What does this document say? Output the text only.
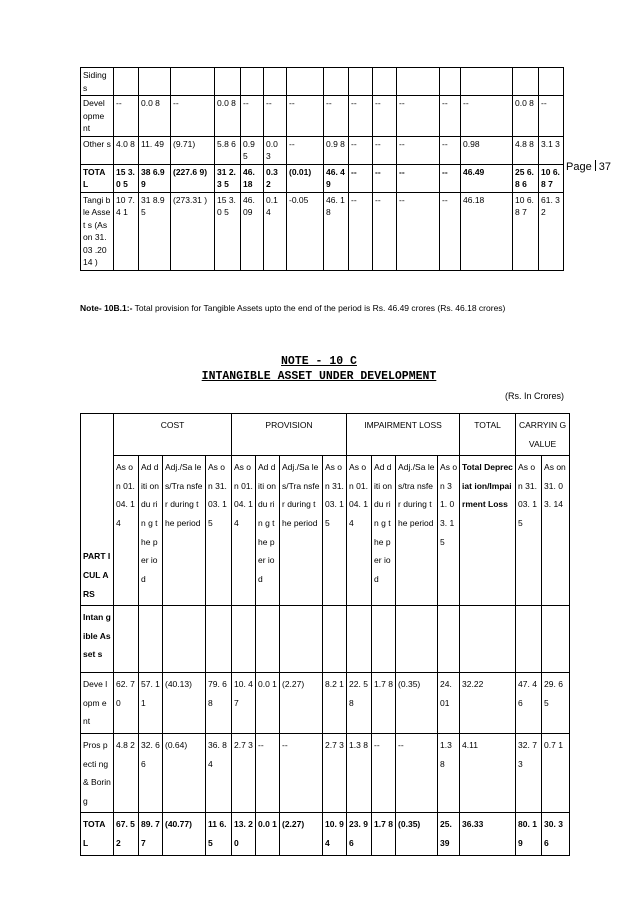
Page 37
Siding s															
Devel opme nt	--	0.0 8	--	0.0 8	--	--	--	--	--	--	--	--	--	0.0 8	--
Other s	4.0 8	11. 49	(9.71)	5.8 6	0.9 5	0.0 3	--	0.9 8	--	--	--	--	0.98	4.8 8	3.1 3
TOTA L	15 3.0 5	38 6.9 9	(227.6 9)	31 2.3 5	46. 18	0.3 2	(0.01)	46. 49	--	--	--	--	46.49	25 6.8 6	10 6.8 7
Tangi ble Asset s (As on 31.03 .2014 )	10 7.4 1	31 8.9 5	(273.31 )	15 3.0 5	46. 09	0.1 4	-0.05	46. 18	--	--	--	--	46.18	10 6.8 7	61. 32
Note- 10B.1:- Total provision for Tangible Assets upto the end of the period is Rs. 46.49 crores (Rs. 46.18 crores)
NOTE - 10 C
INTANGIBLE ASSET UNDER DEVELOPMENT
(Rs. In Crores)
PART ICUL ARS	COST				PROVISION				IMPAIRMENT LOSS				TOTAL	CARRYIN G VALUE	
	As on 01. 04. 14	Ad diti on du rin g the per iod	Adj./Sa les/Tra nsfer during the period	As on 31. 03. 15	As on 01. 04. 14	Ad diti on du rin g the per iod	Adj./Sa les/Tra nsfer during the period	As on 31. 03. 15	As on 01. 04. 14	Ad diti on du rin g the per iod	Adj./Sa les/tra nsfer during the period	As on 31. 03. 15	Total Depreciat ion/Impai rment Loss	As on 31. 03. 15	As on 31. 03. 14
Intan gible Asset s															
Deve lopm ent	62. 70	57. 11	(40.13)	79. 68	10. 47	0.0 1	(2.27)	8.2 1	22. 58	1.7 8	(0.35)	24. 01	32.22	47. 46	29. 65
Pros pecti ng & Borin g	4.8 2	32. 66	(0.64)	36. 84	2.7 3	--	--	2.7 3	1.3 8	--	--	1.3 8	4.11	32. 73	0.7 1
TOTA L	67. 52	89. 77	(40.77)	11 6.5	13. 20	0.0 1	(2.27)	10. 94	23. 96	1.7 8	(0.35)	25. 39	36.33	80. 19	30. 36
